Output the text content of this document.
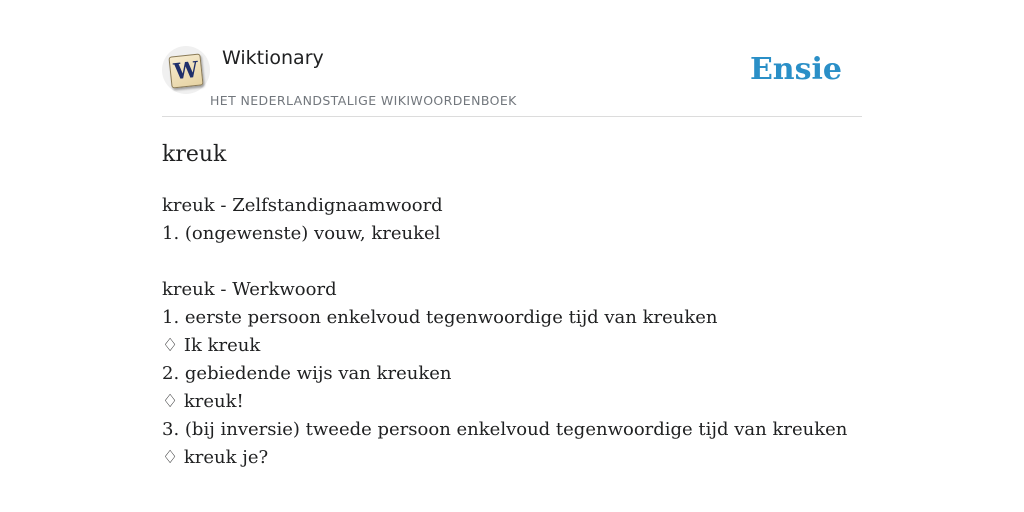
W Wiktionary
HET NEDERLANDSTALIGE WIKIWOORDENBOEK
Ensie
kreuk
kreuk - Zelfstandignaamwoord
1. (ongewenste) vouw, kreukel
kreuk - Werkwoord
1. eerste persoon enkelvoud tegenwoordige tijd van kreuken
♢ Ik kreuk
2. gebiedende wijs van kreuken
♢ kreuk!
3. (bij inversie) tweede persoon enkelvoud tegenwoordige tijd van kreuken
♢ kreuk je?
